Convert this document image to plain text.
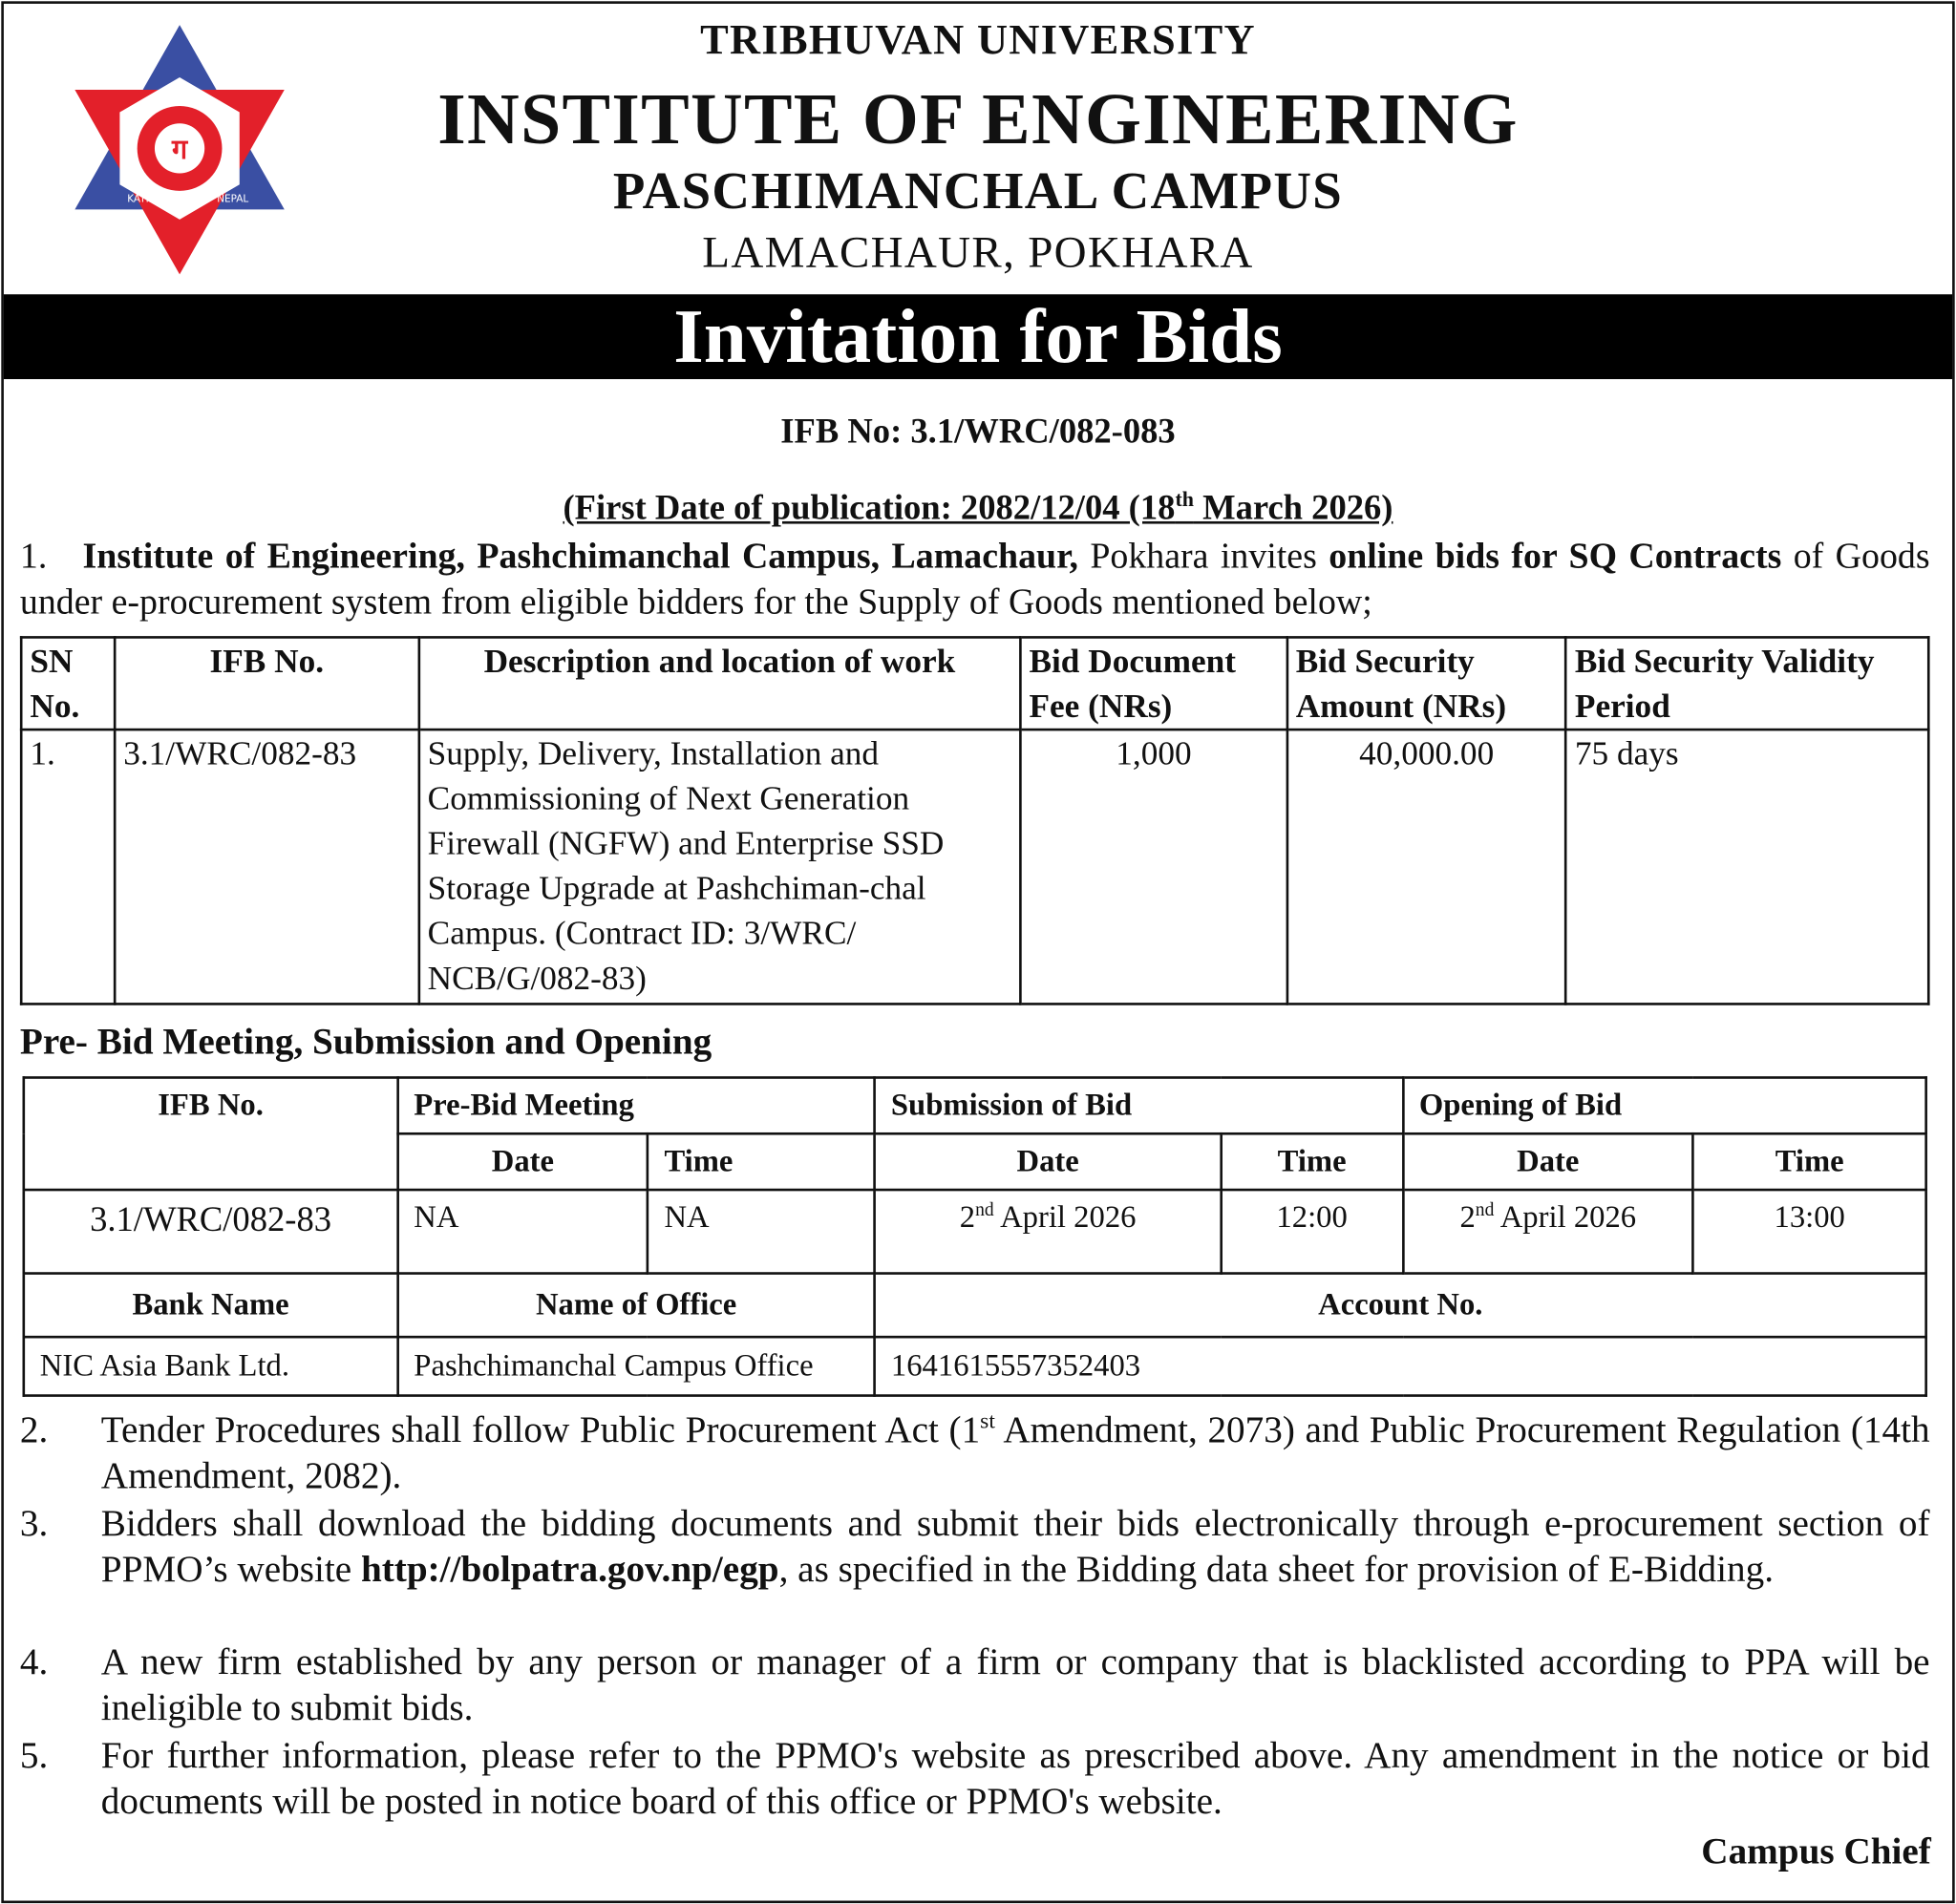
ग
KATHMANDU,	NEPAL
TRIBHUVAN UNIVERSITY
INSTITUTE OF ENGINEERING
PASCHIMANCHAL CAMPUS
LAMACHAUR, POKHARA
Invitation for Bids
IFB No: 3.1/WRC/082-083
(First Date of publication: 2082/12/04 (18th March 2026)
1. Institute of Engineering, Pashchimanchal Campus, Lamachaur, Pokhara invites online bids for SQ Contracts of Goods under e-procurement system from eligible bidders for the Supply of Goods mentioned below;
SN No.	IFB No.	Description and location of work	Bid Document Fee (NRs)	Bid Security Amount (NRs)	Bid Security Validity Period
1.	3.1/WRC/082-83	Supply, Delivery, Installation and Commissioning of Next Generation Firewall (NGFW) and Enterprise SSD Storage Upgrade at Pashchiman-chal Campus. (Contract ID: 3/WRC/ NCB/G/082-83)	1,000	40,000.00	75 days
Pre- Bid Meeting, Submission and Opening
IFB No.	Pre-Bid Meeting		Submission of Bid		Opening of Bid	
	Date	Time	Date	Time	Date	Time
3.1/WRC/082-83	NA	NA	2nd April 2026	12:00	2nd April 2026	13:00
Bank Name	Name of Office		Account No.			
NIC Asia Bank Ltd.	Pashchimanchal Campus Office		1641615557352403			
2. Tender Procedures shall follow Public Procurement Act (1st Amendment, 2073) and Public Procurement Regulation (14th Amendment, 2082).
3. Bidders shall download the bidding documents and submit their bids electronically through e-procurement section of PPMO’s website http://bolpatra.gov.np/egp, as specified in the Bidding data sheet for provision of E-Bidding.
4. A new firm established by any person or manager of a firm or company that is blacklisted according to PPA will be ineligible to submit bids.
5. For further information, please refer to the PPMO's website as prescribed above. Any amendment in the notice or bid documents will be posted in notice board of this office or PPMO's website.
Campus Chief
